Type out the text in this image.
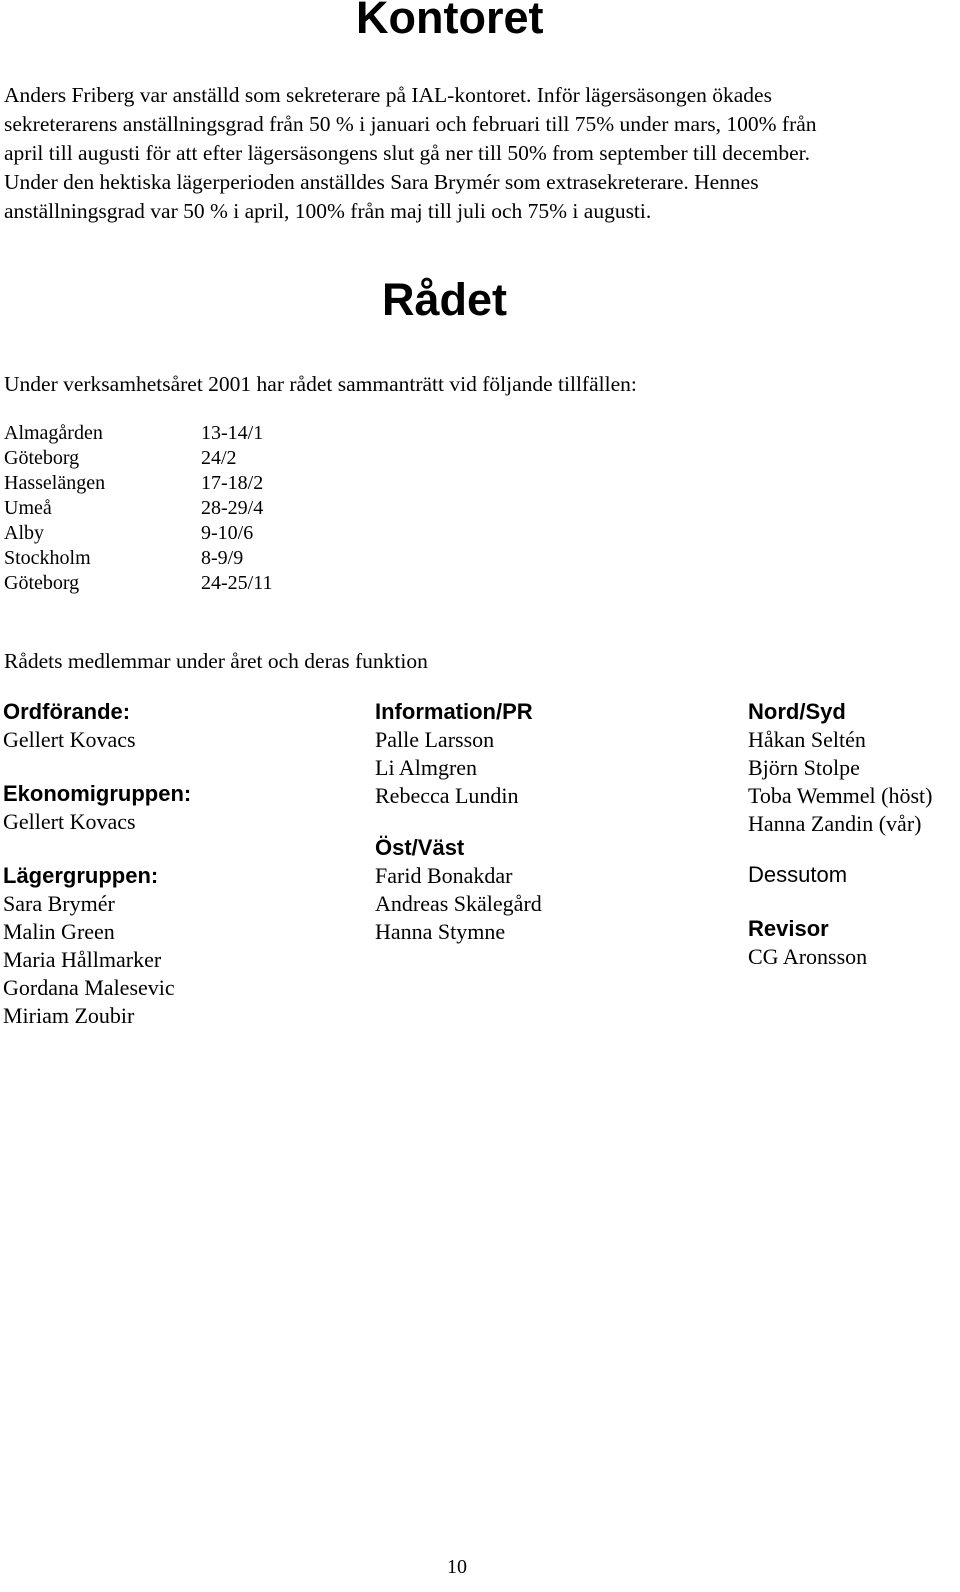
Kontoret
Anders Friberg var anställd som sekreterare på IAL-kontoret. Inför lägersäsongen ökades
sekreterarens anställningsgrad från 50 % i januari och februari till 75% under mars, 100% från
april till augusti för att efter lägersäsongens slut gå ner till 50% from september till december.
Under den hektiska lägerperioden anställdes Sara Brymér som extrasekreterare. Hennes
anställningsgrad var 50 % i april, 100% från maj till juli och 75% i augusti.
Rådet
Under verksamhetsåret 2001 har rådet sammanträtt vid följande tillfällen:
Almagården	13-14/1
Göteborg	24/2
Hasselängen	17-18/2
Umeå	28-29/4
Alby	9-10/6
Stockholm	8-9/9
Göteborg	24-25/11
Rådets medlemmar under året och deras funktion
Ordförande:
Gellert Kovacs
Ekonomigruppen:
Gellert Kovacs
Lägergruppen:
Sara Brymér
Malin Green
Maria Hållmarker
Gordana Malesevic
Miriam Zoubir
Information/PR
Palle Larsson
Li Almgren
Rebecca Lundin
Öst/Väst
Farid Bonakdar
Andreas Skälegård
Hanna Stymne
Nord/Syd
Håkan Seltén
Björn Stolpe
Toba Wemmel (höst)
Hanna Zandin (vår)
Dessutom
Revisor
CG Aronsson
10
